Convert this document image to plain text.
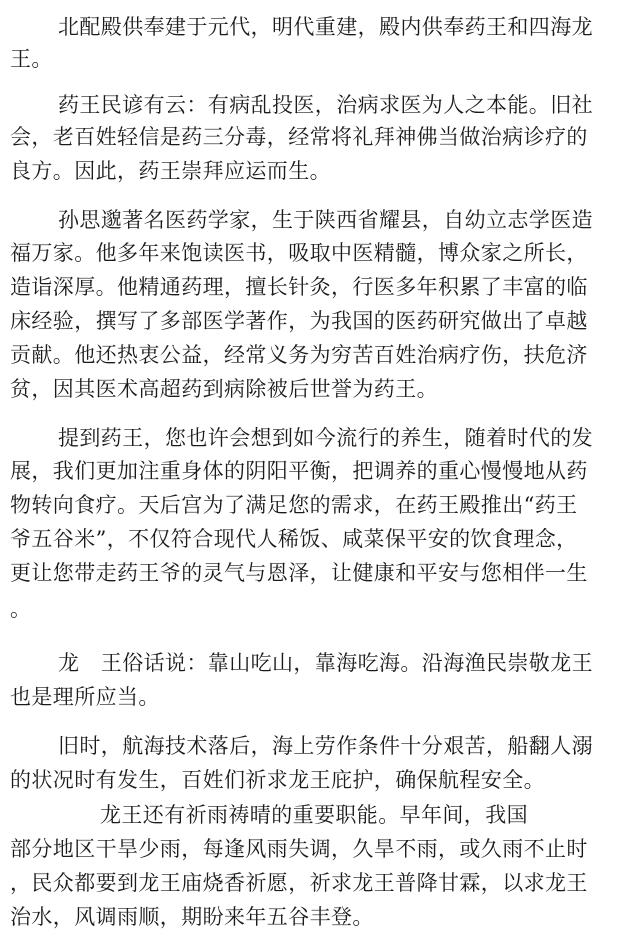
北配殿供奉建于元代，明代重建，殿内供奉药王和四海龙
王。
药王民谚有云：有病乱投医，治病求医为人之本能。旧社
会，老百姓轻信是药三分毒，经常将礼拜神佛当做治病诊疗的
良方。因此，药王崇拜应运而生。
孙思邈著名医药学家，生于陕西省耀县，自幼立志学医造
福万家。他多年来饱读医书，吸取中医精髓，博众家之所长，
造诣深厚。他精通药理，擅长针灸，行医多年积累了丰富的临
床经验，撰写了多部医学著作，为我国的医药研究做出了卓越
贡献。他还热衷公益，经常义务为穷苦百姓治病疗伤，扶危济
贫，因其医术高超药到病除被后世誉为药王。
提到药王，您也许会想到如今流行的养生，随着时代的发
展，我们更加注重身体的阴阳平衡，把调养的重心慢慢地从药
物转向食疗。天后宫为了满足您的需求，在药王殿推出“药王
爷五谷米”，不仅符合现代人稀饭、咸菜保平安的饮食理念，
更让您带走药王爷的灵气与恩泽，让健康和平安与您相伴一生
。
龙　王俗话说：靠山吃山，靠海吃海。沿海渔民崇敬龙王
也是理所应当。
旧时，航海技术落后，海上劳作条件十分艰苦，船翻人溺
的状况时有发生，百姓们祈求龙王庇护，确保航程安全。
龙王还有祈雨祷晴的重要职能。早年间，我国
部分地区干旱少雨，每逢风雨失调，久旱不雨，或久雨不止时
，民众都要到龙王庙烧香祈愿，祈求龙王普降甘霖，以求龙王
治水，风调雨顺，期盼来年五谷丰登。
